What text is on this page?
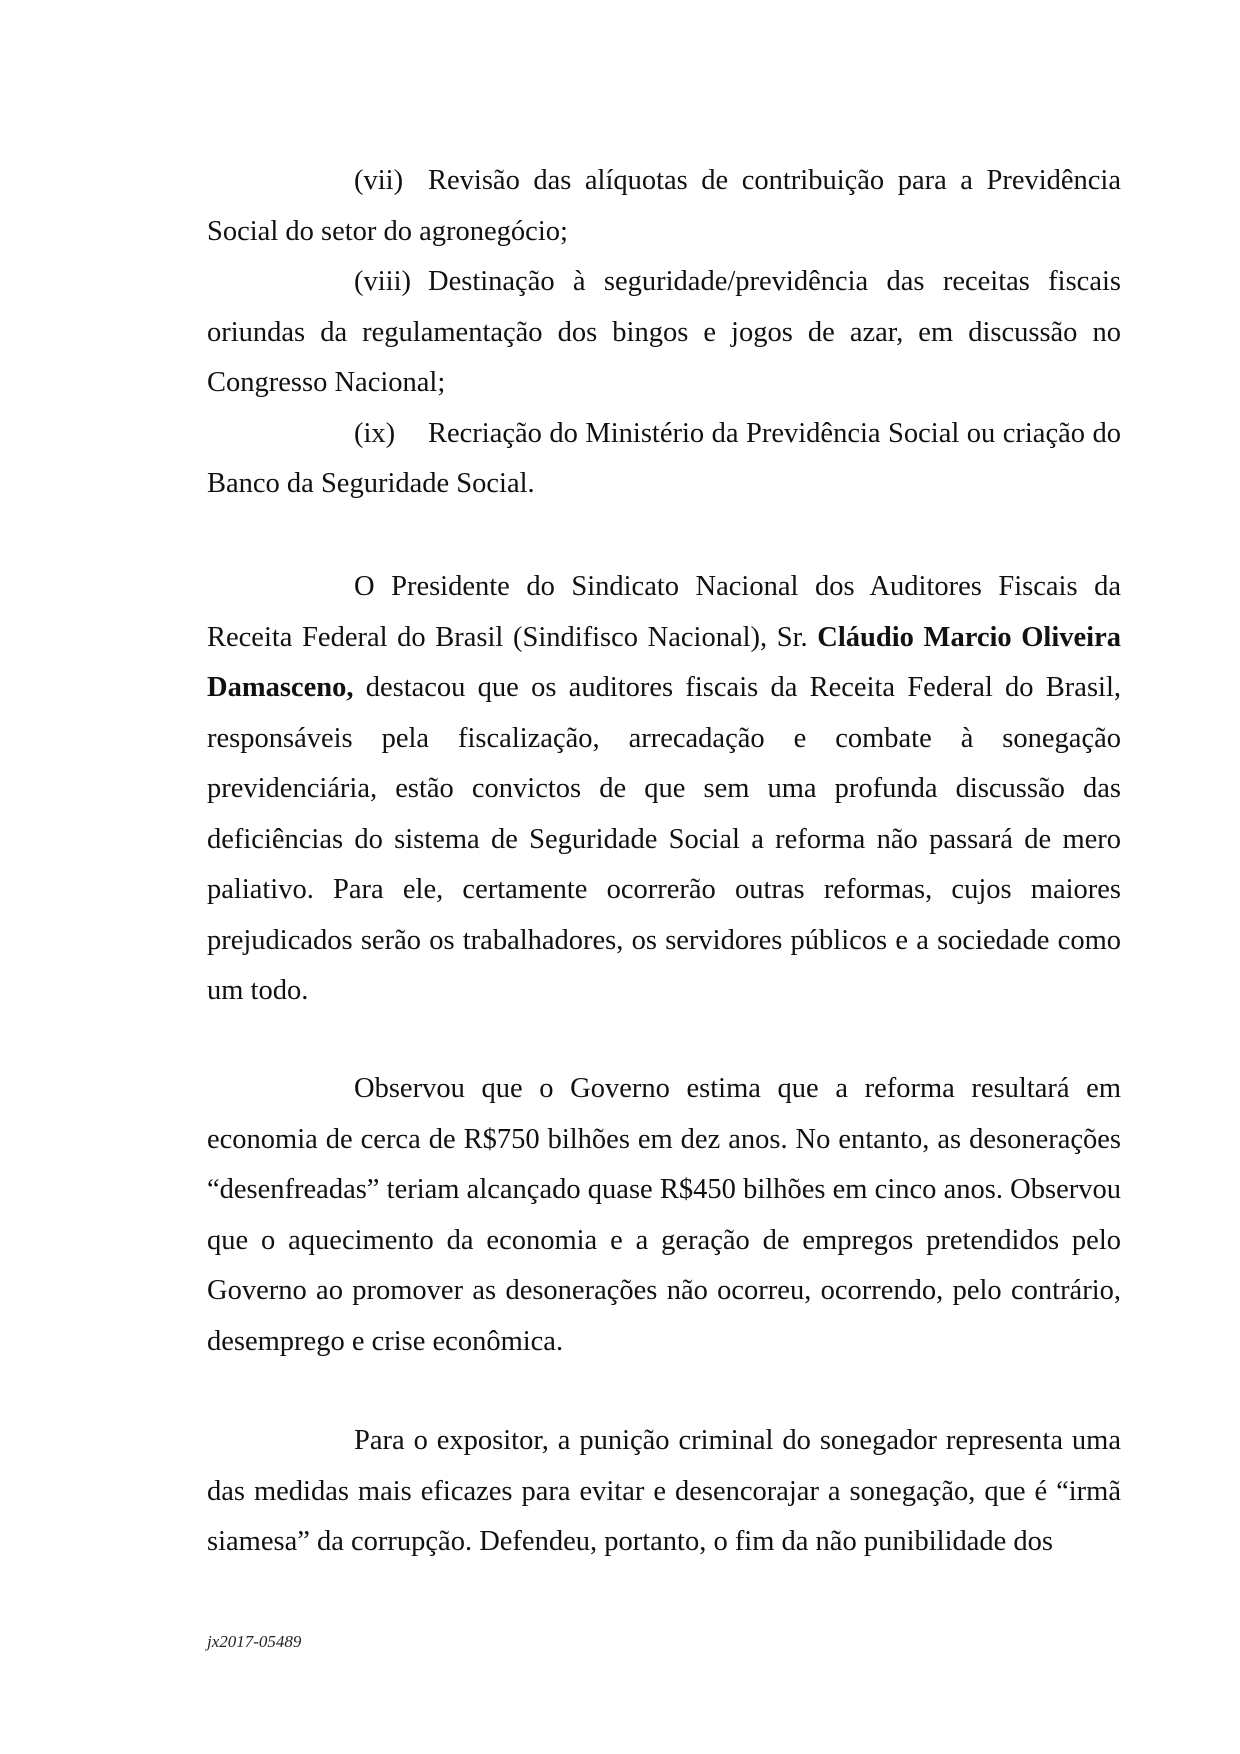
(vii) Revisão das alíquotas de contribuição para a Previdência Social do setor do agronegócio;

(viii) Destinação à seguridade/previdência das receitas fiscais oriundas da regulamentação dos bingos e jogos de azar, em discussão no Congresso Nacional;

(ix) Recriação do Ministério da Previdência Social ou criação do Banco da Seguridade Social.

O Presidente do Sindicato Nacional dos Auditores Fiscais da Receita Federal do Brasil (Sindifisco Nacional), Sr. Cláudio Marcio Oliveira Damasceno, destacou que os auditores fiscais da Receita Federal do Brasil, responsáveis pela fiscalização, arrecadação e combate à sonegação previdenciária, estão convictos de que sem uma profunda discussão das deficiências do sistema de Seguridade Social a reforma não passará de mero paliativo. Para ele, certamente ocorrerão outras reformas, cujos maiores prejudicados serão os trabalhadores, os servidores públicos e a sociedade como um todo.

Observou que o Governo estima que a reforma resultará em economia de cerca de R$750 bilhões em dez anos. No entanto, as desonerações “desenfreadas” teriam alcançado quase R$450 bilhões em cinco anos. Observou que o aquecimento da economia e a geração de empregos pretendidos pelo Governo ao promover as desonerações não ocorreu, ocorrendo, pelo contrário, desemprego e crise econômica.

Para o expositor, a punição criminal do sonegador representa uma das medidas mais eficazes para evitar e desencorajar a sonegação, que é “irmã siamesa” da corrupção. Defendeu, portanto, o fim da não punibilidade dos

jx2017-05489
